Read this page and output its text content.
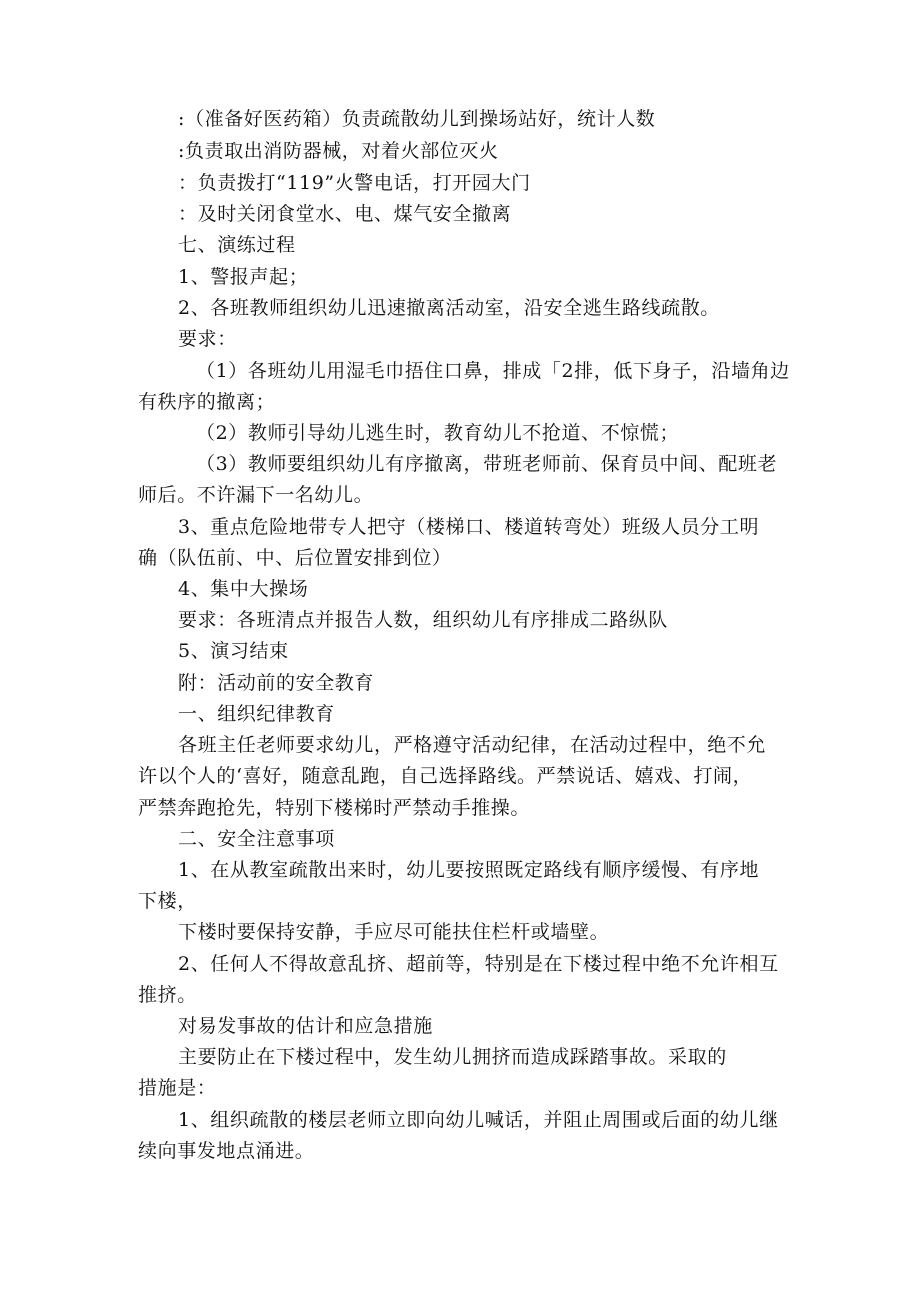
:（准备好医药箱）负责疏散幼儿到操场站好，统计人数
:负责取出消防器械，对着火部位灭火
：负责拨打“119”火警电话，打开园大门
：及时关闭食堂水、电、煤气安全撤离
七、演练过程
1、警报声起；
2、各班教师组织幼儿迅速撤离活动室，沿安全逃生路线疏散。
要求：
（1）各班幼儿用湿毛巾捂住口鼻，排成「2排，低下身子，沿墙角边
有秩序的撤离；
（2）教师引导幼儿逃生时，教育幼儿不抢道、不惊慌；
（3）教师要组织幼儿有序撤离，带班老师前、保育员中间、配班老
师后。不许漏下一名幼儿。
3、重点危险地带专人把守（楼梯口、楼道转弯处）班级人员分工明
确（队伍前、中、后位置安排到位）
4、集中大操场
要求：各班清点并报告人数，组织幼儿有序排成二路纵队
5、演习结束
附：活动前的安全教育
一、组织纪律教育
各班主任老师要求幼儿，严格遵守活动纪律，在活动过程中，绝不允
许以个人的‘喜好，随意乱跑，自己选择路线。严禁说话、嬉戏、打闹，
严禁奔跑抢先，特别下楼梯时严禁动手推操。
二、安全注意事项
1、在从教室疏散出来时，幼儿要按照既定路线有顺序缓慢、有序地
下楼，
下楼时要保持安静，手应尽可能扶住栏杆或墙壁。
2、任何人不得故意乱挤、超前等，特别是在下楼过程中绝不允许相互
推挤。
对易发事故的估计和应急措施
主要防止在下楼过程中，发生幼儿拥挤而造成踩踏事故。采取的
措施是：
1、组织疏散的楼层老师立即向幼儿喊话，并阻止周围或后面的幼儿继
续向事发地点涌进。
